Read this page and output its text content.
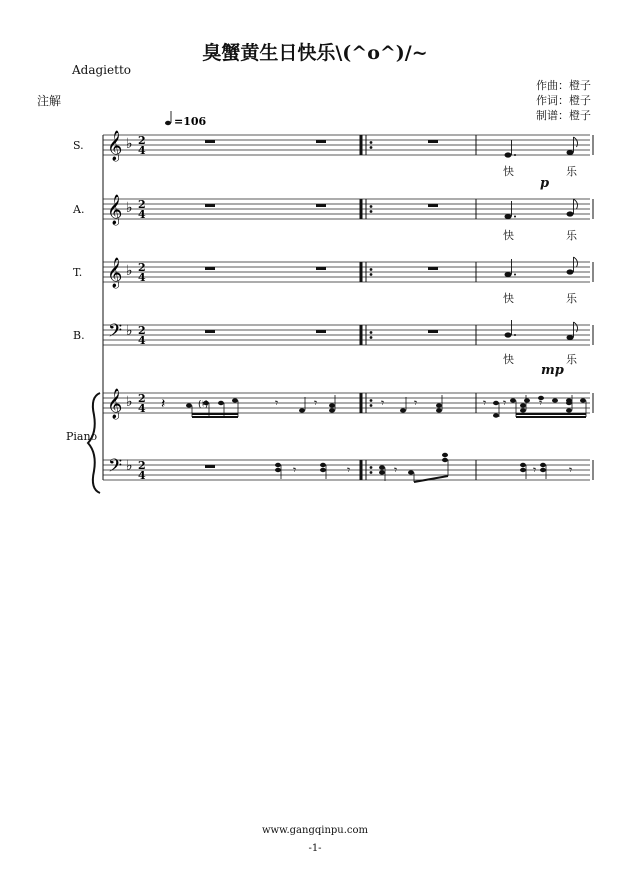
臭蟹黄生日快乐\(^o^)/~
Adagietto
注解
作曲：橙子
作词：橙子
制谱：橙子
=106
𝄞 ♭ 2
4
𝄞 ♭ 2
4
𝄞 ♭ 2
4
𝄢 ♭ 2
4
𝄞 ♭ 2
4 𝄽	(♮)	𝄾	𝄾	𝄾 𝄾	𝄾 𝄾	𝄾
𝄢 ♭ 2
4	𝄾	𝄾	𝄾	𝄾	𝄾
S.
A.
T.
B.
Piano
快	乐
快	乐
快	乐
快	乐
p
mp
www.gangqinpu.com
-1-
